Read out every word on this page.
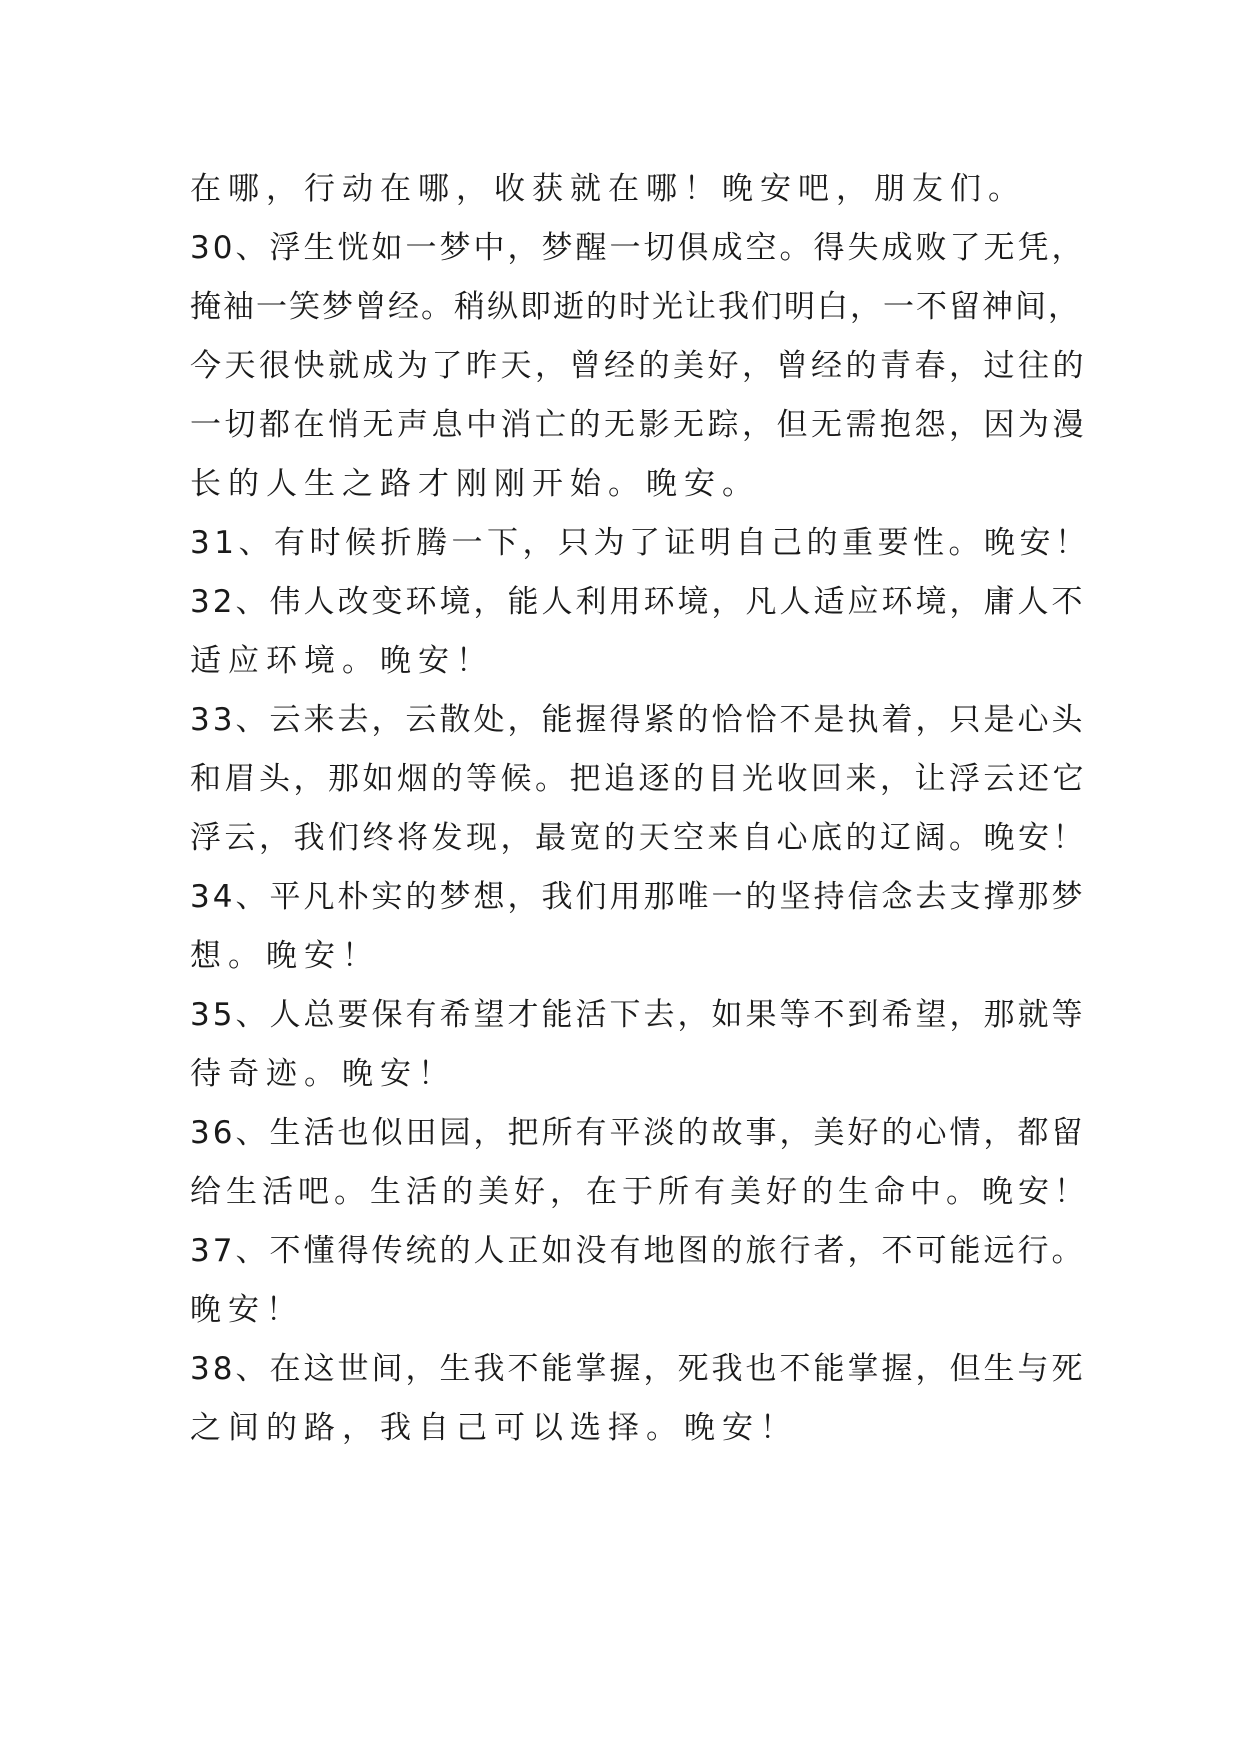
在哪，行动在哪，收获就在哪！晚安吧，朋友们。
30、浮生恍如一梦中，梦醒一切俱成空。得失成败了无凭，
掩袖一笑梦曾经。稍纵即逝的时光让我们明白，一不留神间，
今天很快就成为了昨天，曾经的美好，曾经的青春，过往的
一切都在悄无声息中消亡的无影无踪，但无需抱怨，因为漫
长的人生之路才刚刚开始。晚安。
31、有时候折腾一下，只为了证明自己的重要性。晚安！
32、伟人改变环境，能人利用环境，凡人适应环境，庸人不
适应环境。晚安！
33、云来去，云散处，能握得紧的恰恰不是执着，只是心头
和眉头，那如烟的等候。把追逐的目光收回来，让浮云还它
浮云，我们终将发现，最宽的天空来自心底的辽阔。晚安！
34、平凡朴实的梦想，我们用那唯一的坚持信念去支撑那梦
想。晚安！
35、人总要保有希望才能活下去，如果等不到希望，那就等
待奇迹。晚安！
36、生活也似田园，把所有平淡的故事，美好的心情，都留
给生活吧。生活的美好，在于所有美好的生命中。晚安！
37、不懂得传统的人正如没有地图的旅行者，不可能远行。
晚安！
38、在这世间，生我不能掌握，死我也不能掌握，但生与死
之间的路，我自己可以选择。晚安！
